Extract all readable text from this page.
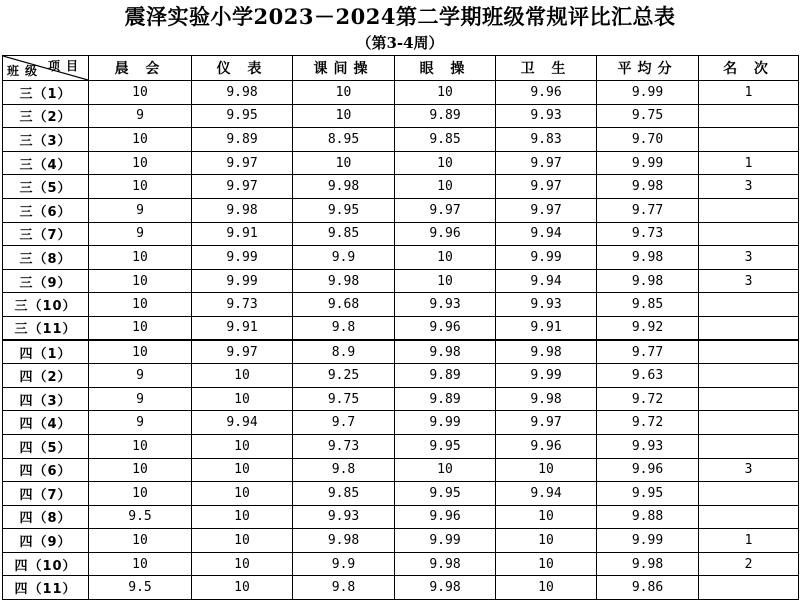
震泽实验小学2023－2024第二学期班级常规评比汇总表
（第3-4周）
项目
班级	晨 会	仪 表	课间操	眼 操	卫 生	平均分	名 次
三（1）	10	9.98	10	10	9.96	9.99	1
三（2）	9	9.95	10	9.89	9.93	9.75	
三（3）	10	9.89	8.95	9.85	9.83	9.70	
三（4）	10	9.97	10	10	9.97	9.99	1
三（5）	10	9.97	9.98	10	9.97	9.98	3
三（6）	9	9.98	9.95	9.97	9.97	9.77	
三（7）	9	9.91	9.85	9.96	9.94	9.73	
三（8）	10	9.99	9.9	10	9.99	9.98	3
三（9）	10	9.99	9.98	10	9.94	9.98	3
三（10）	10	9.73	9.68	9.93	9.93	9.85	
三（11）	10	9.91	9.8	9.96	9.91	9.92	
四（1）	10	9.97	8.9	9.98	9.98	9.77	
四（2）	9	10	9.25	9.89	9.99	9.63	
四（3）	9	10	9.75	9.89	9.98	9.72	
四（4）	9	9.94	9.7	9.99	9.97	9.72	
四（5）	10	10	9.73	9.95	9.96	9.93	
四（6）	10	10	9.8	10	10	9.96	3
四（7）	10	10	9.85	9.95	9.94	9.95	
四（8）	9.5	10	9.93	9.96	10	9.88	
四（9）	10	10	9.98	9.99	10	9.99	1
四（10）	10	10	9.9	9.98	10	9.98	2
四（11）	9.5	10	9.8	9.98	10	9.86	
